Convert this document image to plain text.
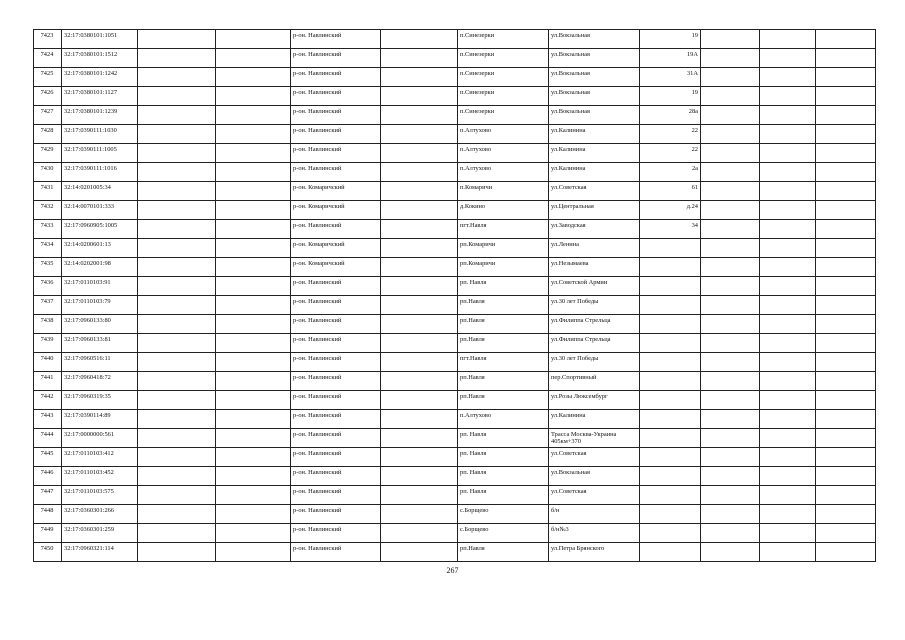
7423	32:17:0380101:1051			р-он. Навлинский		п.Синезерки	ул.Вокзальная	19			
7424	32:17:0380101:1512			р-он. Навлинский		п.Синезерки	ул.Вокзальная	19А			
7425	32:17:0380101:1242			р-он. Навлинский		п.Синезерки	ул.Вокзальная	31А			
7426	32:17:0380101:1127			р-он. Навлинский		п.Синезерки	ул.Вокзальная	19			
7427	32:17:0380101:1239			р-он. Навлинский		п.Синезерки	ул.Вокзальная	28а			
7428	32:17:0390111:1030			р-он. Навлинский		п.Алтухово	ул.Калинина	22			
7429	32:17:0390111:1005			р-он. Навлинский		п.Алтухово	ул.Калинина	22			
7430	32:17:0390111:1016			р-он. Навлинский		п.Алтухово	ул.Калинина	2а			
7431	32:14:0201005:34			р-он. Комаричский		п.Комаричи	ул.Советская	61			
7432	32:14:0070101:333			р-он. Комаричский		д.Кокино	ул.Центральная	д.24			
7433	32:17:0960905:1005			р-он. Навлинский		пгт.Навля	ул.Заводская	34			
7434	32:14:0200601:13			р-он. Комаричский		рп.Комаричи	ул.Ленина				
7435	32:14:0202001:98			р-он. Комаричский		рп.Комаричи	ул.Незымаева				
7436	32:17:0110103:91			р-он. Навлинский		рп. Навля	ул.Советской Армии				
7437	32:17:0110103:79			р-он. Навлинский		рп.Навля	ул.30 лет Победы				
7438	32:17:0960133:80			р-он. Навлинский		рп.Навля	ул.Филиппа Стрельца				
7439	32:17:0960133:81			р-он. Навлинский		рп.Навля	ул.Филиппа Стрельца				
7440	32:17:0960516:11			р-он. Навлинский		пгт.Навля	ул.30 лет Победы				
7441	32:17:0960418:72			р-он. Навлинский		рп.Навля	пер.Спортивный				
7442	32:17:0960319:35			р-он. Навлинский		рп.Навля	ул.Розы Люксембург				
7443	32:17:0390114:89			р-он. Навлинский		п.Алтухово	ул.Калинина				
7444	32:17:0000000:561			р-он. Навлинский		рп. Навля	Трасса Москва-Украина 405км+370				
7445	32:17:0110103:412			р-он. Навлинский		рп. Навля	ул.Советская				
7446	32:17:0110103:452			р-он. Навлинский		рп. Навля	ул.Вокзальная				
7447	32:17:0110103:575			р-он. Навлинский		рп. Навля	ул.Советская				
7448	32:17:0360301:266			р-он. Навлинский		с.Борщево	б/н				
7449	32:17:0360301:259			р-он. Навлинский		с.Борщево	б/н№3				
7450	32:17:0960321:114			р-он. Навлинский		рп.Навля	ул.Петра Брянского				
267
